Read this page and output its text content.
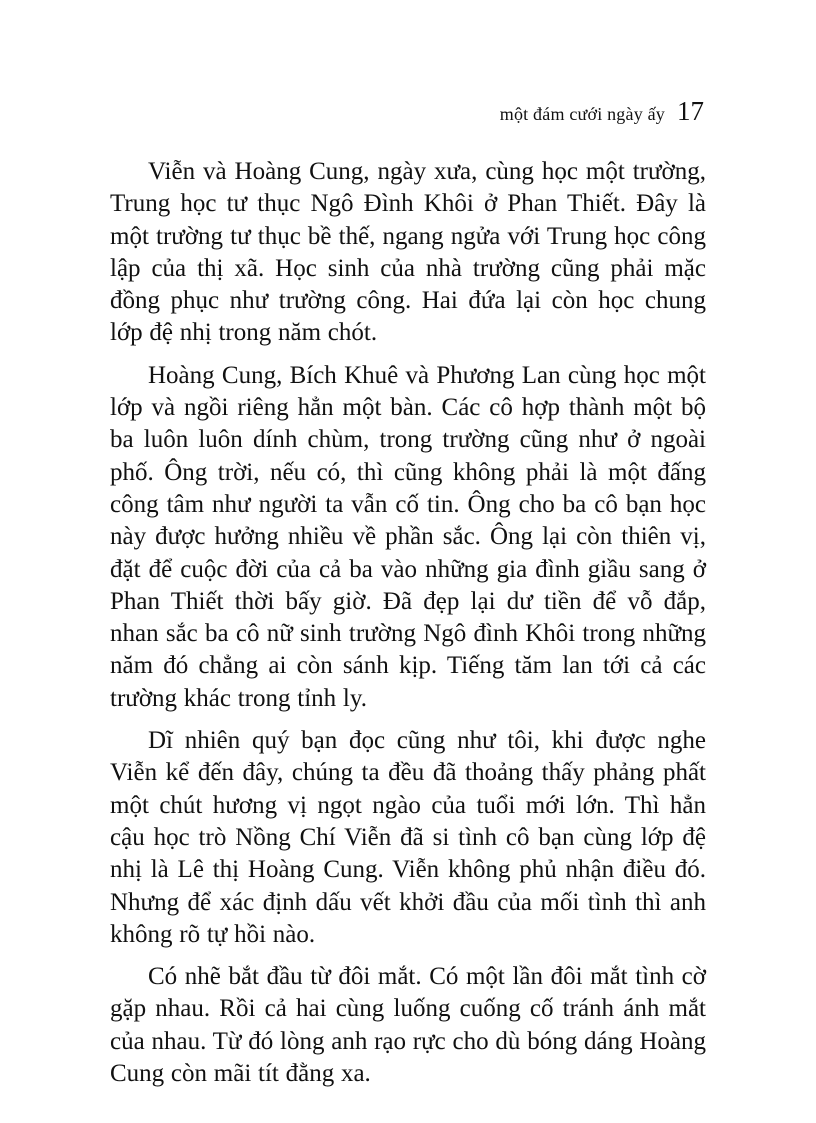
một đám cưới ngày ấy 17

Viễn và Hoàng Cung, ngày xưa, cùng học một trường, Trung học tư thục Ngô Đình Khôi ở Phan Thiết. Đây là một trường tư thục bề thế, ngang ngửa với Trung học công lập của thị xã. Học sinh của nhà trường cũng phải mặc đồng phục như trường công. Hai đứa lại còn học chung lớp đệ nhị trong năm chót.

Hoàng Cung, Bích Khuê và Phương Lan cùng học một lớp và ngồi riêng hẳn một bàn. Các cô hợp thành một bộ ba luôn luôn dính chùm, trong trường cũng như ở ngoài phố. Ông trời, nếu có, thì cũng không phải là một đấng công tâm như người ta vẫn cố tin. Ông cho ba cô bạn học này được hưởng nhiều về phần sắc. Ông lại còn thiên vị, đặt để cuộc đời của cả ba vào những gia đình giầu sang ở Phan Thiết thời bấy giờ. Đã đẹp lại dư tiền để vỗ đắp, nhan sắc ba cô nữ sinh trường Ngô đình Khôi trong những năm đó chẳng ai còn sánh kịp. Tiếng tăm lan tới cả các trường khác trong tỉnh ly.

Dĩ nhiên quý bạn đọc cũng như tôi, khi được nghe Viễn kể đến đây, chúng ta đều đã thoảng thấy phảng phất một chút hương vị ngọt ngào của tuổi mới lớn. Thì hẳn cậu học trò Nồng Chí Viễn đã si tình cô bạn cùng lớp đệ nhị là Lê thị Hoàng Cung. Viễn không phủ nhận điều đó. Nhưng để xác định dấu vết khởi đầu của mối tình thì anh không rõ tự hồi nào.

Có nhẽ bắt đầu từ đôi mắt. Có một lần đôi mắt tình cờ gặp nhau. Rồi cả hai cùng luống cuống cố tránh ánh mắt của nhau. Từ đó lòng anh rạo rực cho dù bóng dáng Hoàng Cung còn mãi tít đằng xa.
